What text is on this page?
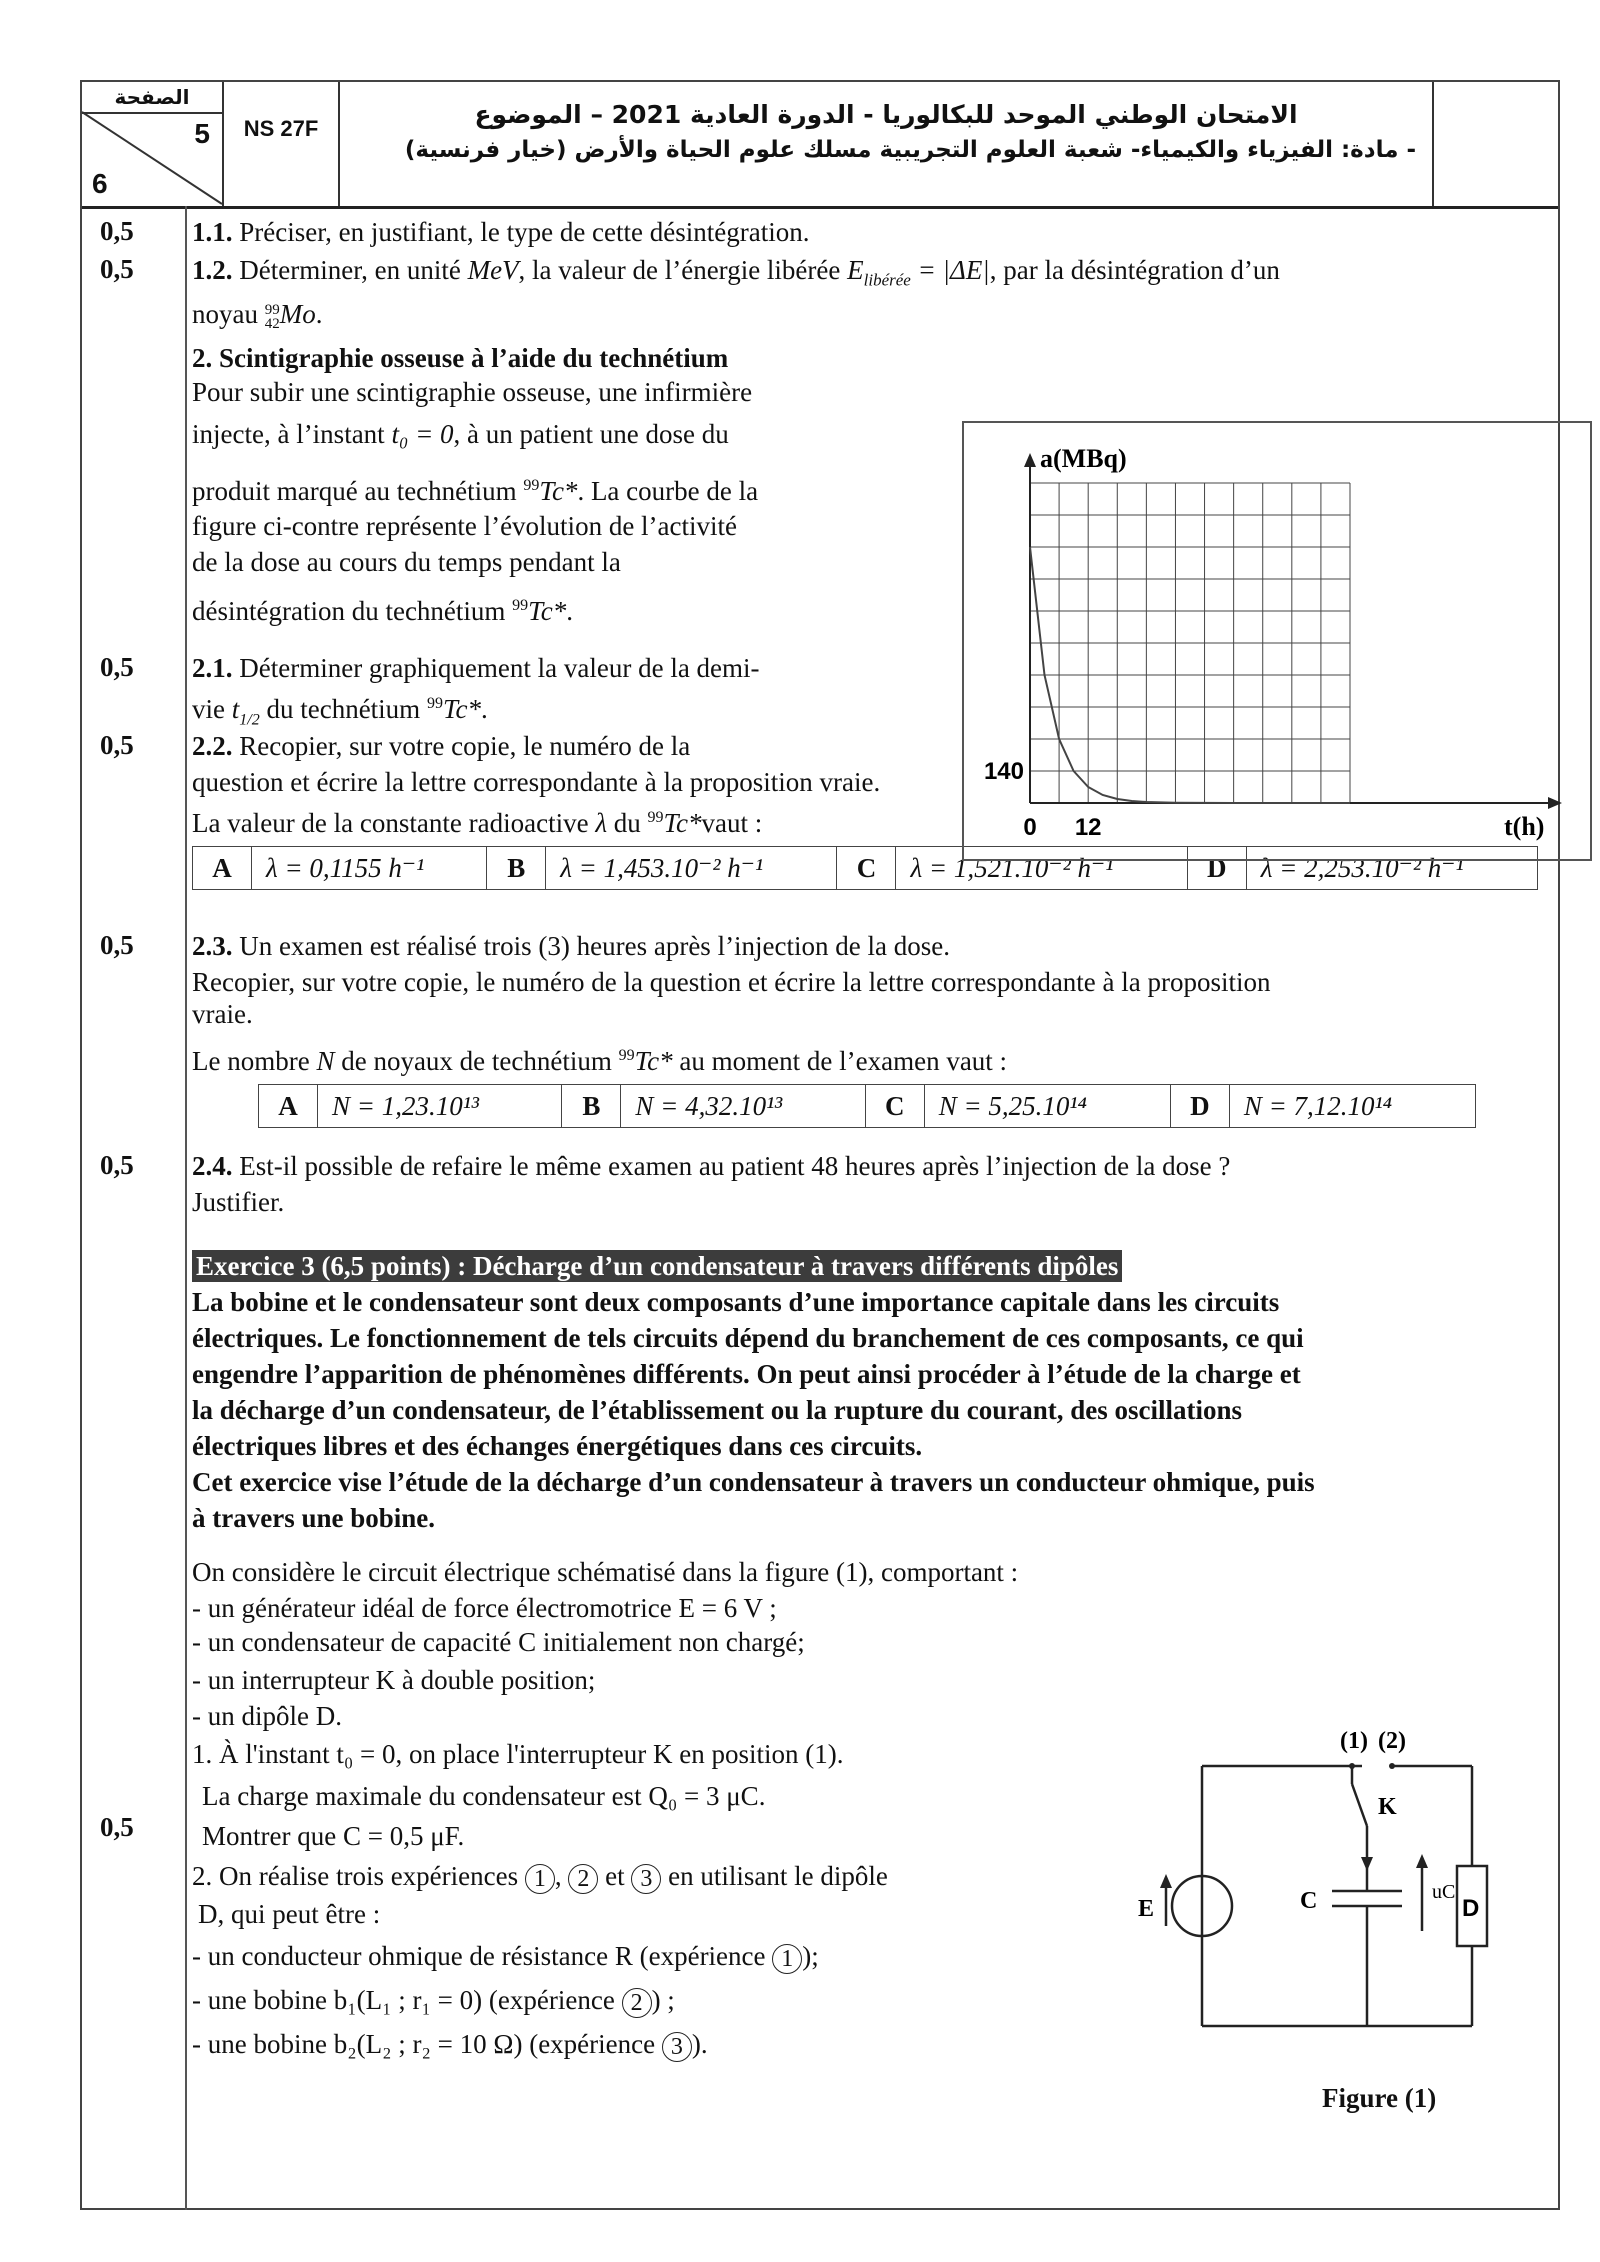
الصفحة
5
6
NS 27F	الامتحان الوطني الموحد للبكالوريا - الدورة العادية 2021 – الموضوع
- مادة: الفيزياء والكيمياء- شعبة العلوم التجريبية مسلك علوم الحياة والأرض (خيار فرنسية)
0,5
0,5
0,5
0,5
0,5
0,5
0,5
1.1. Préciser, en justifiant, le type de cette désintégration.
1.2. Déterminer, en unité MeV, la valeur de l’énergie libérée $E_{libérée} = |\Delta E|$, par la désintégration d’un
noyau 99
42 Mo.
2. Scintigraphie osseuse à l’aide du technétium
Pour subir une scintigraphie osseuse, une infirmière
injecte, à l’instant t₀ = 0, à un patient une dose du
produit marqué au technétium $^{99}$Tc*. La courbe de la
figure ci-contre représente l’évolution de l’activité
de la dose au cours du temps pendant la
désintégration du technétium $^{99}$Tc*.
2.1. Déterminer graphiquement la valeur de la demi-
vie $t_{1/2}$ du technétium $^{99}$Tc*.
2.2. Recopier, sur votre copie, le numéro de la
question et écrire la lettre correspondante à la proposition vraie.
La valeur de la constante radioactive λ du $^{99}$Tc*vaut :
A	λ = 0,1155 h⁻¹	B	λ = 1,453.10⁻² h⁻¹	C	λ = 1,521.10⁻² h⁻¹	D	λ = 2,253.10⁻² h⁻¹
2.3. Un examen est réalisé trois (3) heures après l’injection de la dose.
Recopier, sur votre copie, le numéro de la question et écrire la lettre correspondante à la proposition
vraie.
Le nombre N de noyaux de technétium $^{99}$Tc* au moment de l’examen vaut :
A	N = 1,23.10¹³	B	N = 4,32.10¹³	C	N = 5,25.10¹⁴	D	N = 7,12.10¹⁴
2.4. Est-il possible de refaire le même examen au patient 48 heures après l’injection de la dose ?
Justifier.
a(MBq)
t(h)
140
0 12
Exercice 3 (6,5 points) : Décharge d’un condensateur à travers différents dipôles
La bobine et le condensateur sont deux composants d’une importance capitale dans les circuits
électriques. Le fonctionnement de tels circuits dépend du branchement de ces composants, ce qui
engendre l’apparition de phénomènes différents. On peut ainsi procéder à l’étude de la charge et
la décharge d’un condensateur, de l’établissement ou la rupture du courant, des oscillations
électriques libres et des échanges énergétiques dans ces circuits.
Cet exercice vise l’étude de la décharge d’un condensateur à travers un conducteur ohmique, puis
à travers une bobine.
On considère le circuit électrique schématisé dans la figure (1), comportant :
- un générateur idéal de force électromotrice E = 6 V ;
- un condensateur de capacité C initialement non chargé;
- un interrupteur K à double position;
- un dipôle D.
1. À l'instant t₀ = 0, on place l'interrupteur K en position (1).
La charge maximale du condensateur est Q₀ = 3 μC.
Montrer que C = 0,5 μF.
2. On réalise trois expériences 1 , 2 et 3 en utilisant le dipôle
D, qui peut être :
- un conducteur ohmique de résistance R (expérience 1 );
- une bobine b₁(L₁ ; r₁ = 0) (expérience 2 ) ;
- une bobine b₂(L₂ ; r₂ = 10 Ω) (expérience 3 ).
(1) (2)
K
E	C	uC
D
Figure (1)
